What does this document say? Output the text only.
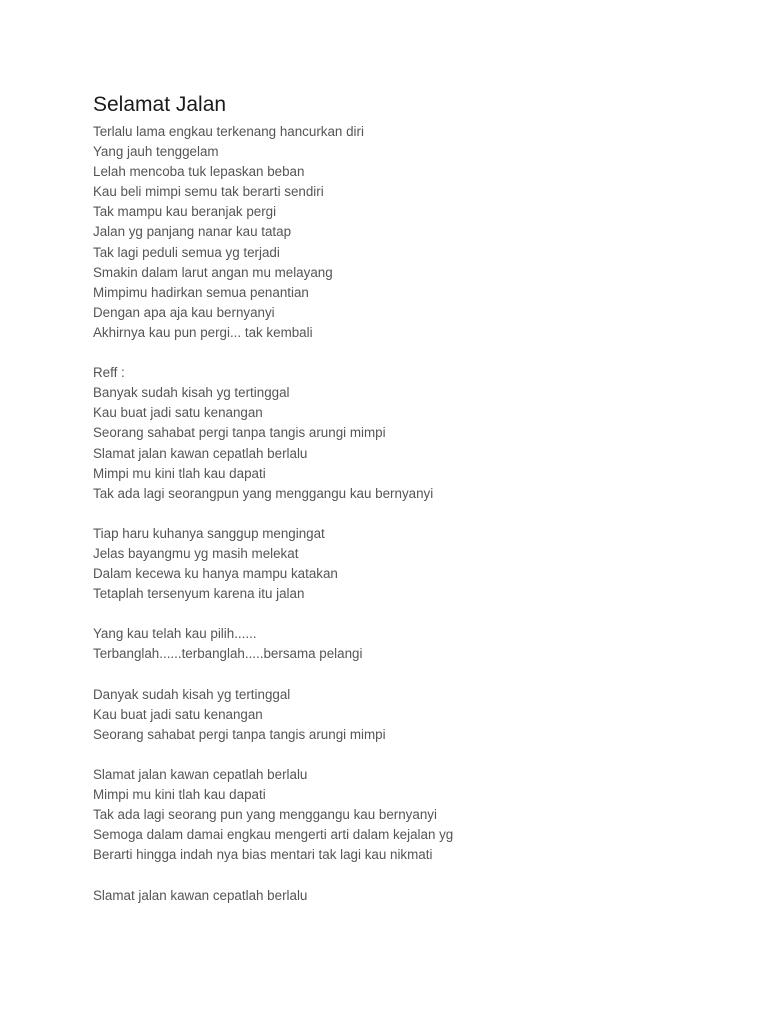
Selamat Jalan
Terlalu lama engkau terkenang hancurkan diri
Yang jauh tenggelam
Lelah mencoba tuk lepaskan beban
Kau beli mimpi semu tak berarti sendiri
Tak mampu kau beranjak pergi
Jalan yg panjang nanar kau tatap
Tak lagi peduli semua yg terjadi
Smakin dalam larut angan mu melayang
Mimpimu hadirkan semua penantian
Dengan apa aja kau bernyanyi
Akhirnya kau pun pergi... tak kembali
Reff :
Banyak sudah kisah yg tertinggal
Kau buat jadi satu kenangan
Seorang sahabat pergi tanpa tangis arungi mimpi
Slamat jalan kawan cepatlah berlalu
Mimpi mu kini tlah kau dapati
Tak ada lagi seorangpun yang menggangu kau bernyanyi
Tiap haru kuhanya sanggup mengingat
Jelas bayangmu yg masih melekat
Dalam kecewa ku hanya mampu katakan
Tetaplah tersenyum karena itu jalan
Yang kau telah kau pilih......
Terbanglah......terbanglah.....bersama pelangi
Danyak sudah kisah yg tertinggal
Kau buat jadi satu kenangan
Seorang sahabat pergi tanpa tangis arungi mimpi
Slamat jalan kawan cepatlah berlalu
Mimpi mu kini tlah kau dapati
Tak ada lagi seorang pun yang menggangu kau bernyanyi
Semoga dalam damai engkau mengerti arti dalam kejalan yg
Berarti hingga indah nya bias mentari tak lagi kau nikmati
Slamat jalan kawan cepatlah berlalu
